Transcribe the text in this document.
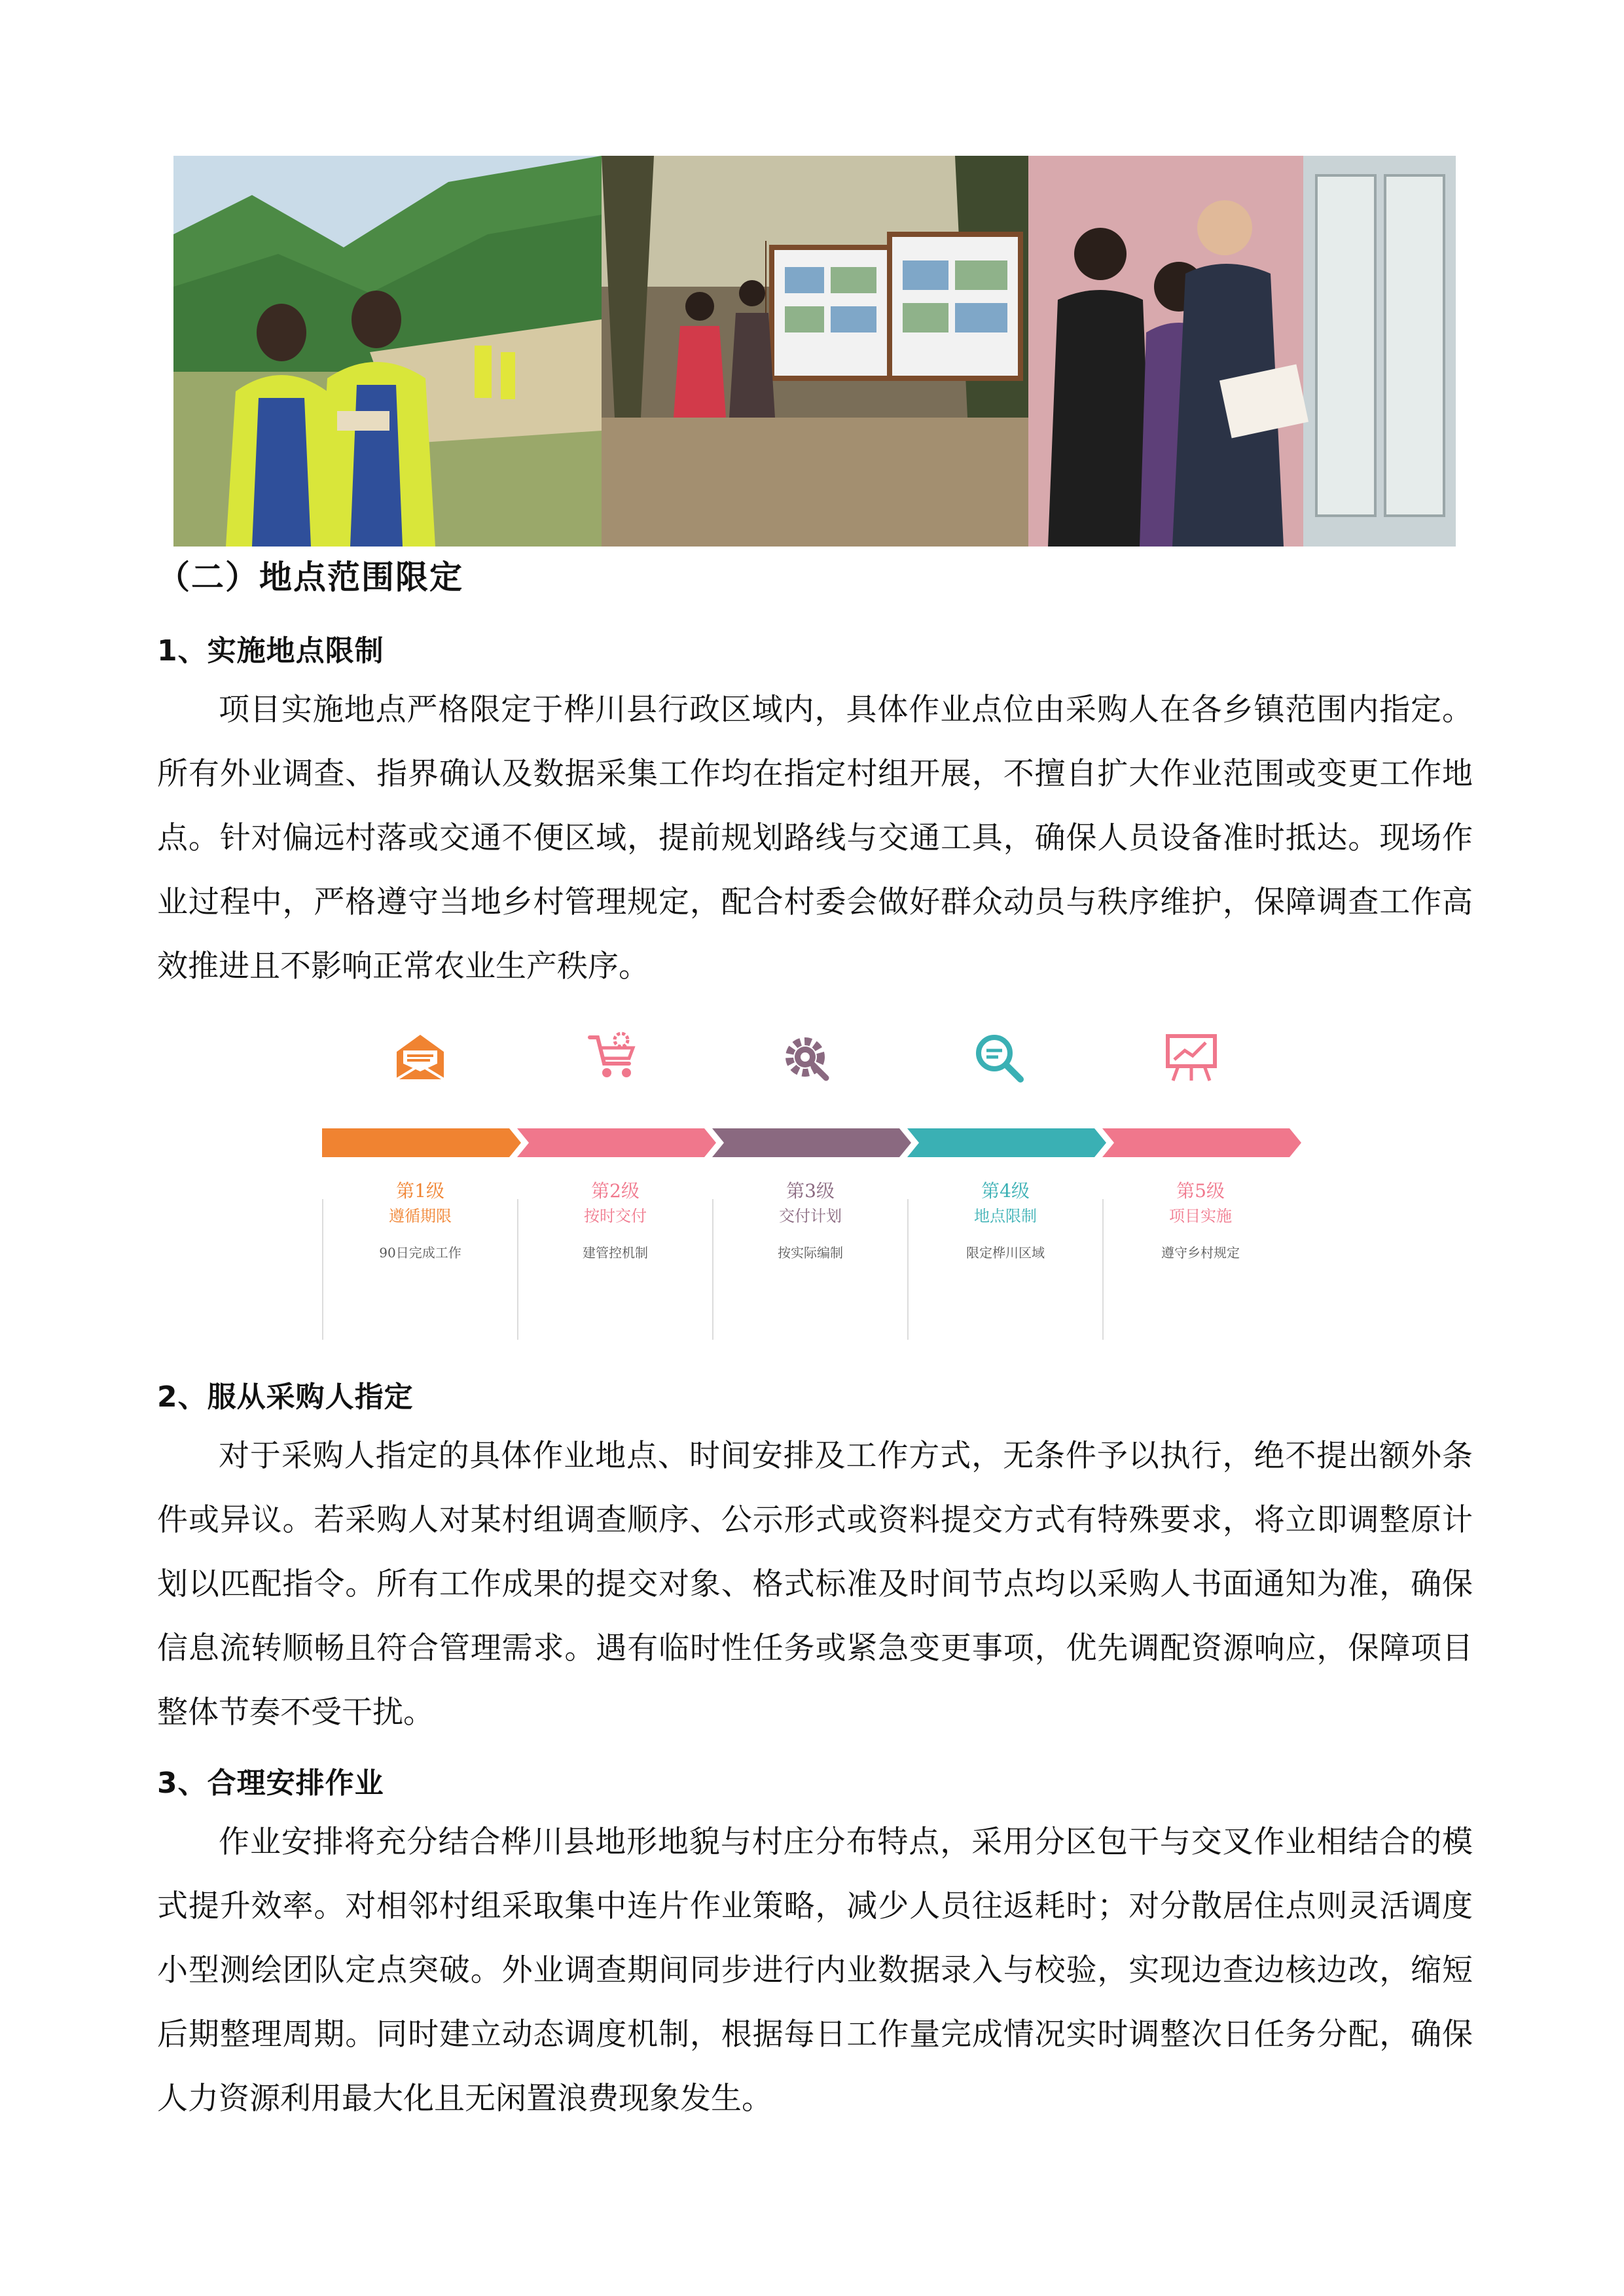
（二）地点范围限定
1、实施地点限制

项目实施地点严格限定于桦川县行政区域内，具体作业点位由采购人在各乡镇范围内指定。所有外业调查、指界确认及数据采集工作均在指定村组开展，不擅自扩大作业范围或变更工作地点。针对偏远村落或交通不便区域，提前规划路线与交通工具，确保人员设备准时抵达。现场作业过程中，严格遵守当地乡村管理规定，配合村委会做好群众动员与秩序维护，保障调查工作高效推进且不影响正常农业生产秩序。

第1级
遵循期限
90日完成工作
第2级
按时交付
建管控机制
第3级
交付计划
按实际编制
第4级
地点限制
限定桦川区域
第5级
项目实施
遵守乡村规定
2、服从采购人指定

对于采购人指定的具体作业地点、时间安排及工作方式，无条件予以执行，绝不提出额外条件或异议。若采购人对某村组调查顺序、公示形式或资料提交方式有特殊要求，将立即调整原计划以匹配指令。所有工作成果的提交对象、格式标准及时间节点均以采购人书面通知为准，确保信息流转顺畅且符合管理需求。遇有临时性任务或紧急变更事项，优先调配资源响应，保障项目整体节奏不受干扰。

3、合理安排作业

作业安排将充分结合桦川县地形地貌与村庄分布特点，采用分区包干与交叉作业相结合的模式提升效率。对相邻村组采取集中连片作业策略，减少人员往返耗时；对分散居住点则灵活调度小型测绘团队定点突破。外业调查期间同步进行内业数据录入与校验，实现边查边核边改，缩短后期整理周期。同时建立动态调度机制，根据每日工作量完成情况实时调整次日任务分配，确保人力资源利用最大化且无闲置浪费现象发生。
